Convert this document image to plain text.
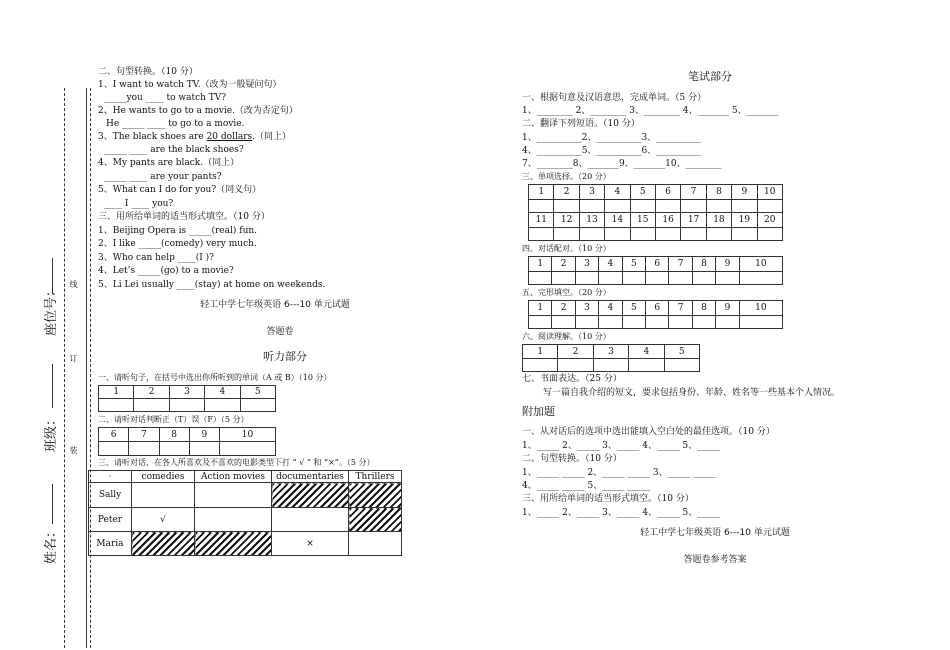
姓名：
班级：
座位号： 线
订
装
二、句型转换。（10 分）
1、I want to watch TV.（改为一般疑问句）
_____you ____ to watch TV?
2、He wants to go to a movie.（改为否定句）
He _____ ____ to go to a movie.
3、The black shoes are 20 dollars.（同上）
_____ ____ are the black shoes?
4、My pants are black.（同上）
_____ ____ are your pants?
5、What can I do for you?（同义句）
____ I ____ you?
三、用所给单词的适当形式填空。（10 分）
1、Beijing Opera is _____(real) fun.
2、I like _____(comedy) very much.
3、Who can help ____(I )?
4、Let’s _____(go) to a movie?
5、Li Lei usually ____(stay) at home on weekends.
轻工中学七年级英语 6---10 单元试题
答题卷
听力部分
一、请听句子，在括号中选出你所听到的单词（A 或 B）（10 分）
1	2	3	4	5

二、请听对话判断正（T）误（F）（5 分）
6	7	8	9	10

三、请听对话，在各人所喜欢及不喜欢的电影类型下打 “ √ ” 和 “×”。（5 分）
·	comedies	Action movies	documentaries	Thrillers
Sally				
Peter	√			
Maria			×	
笔试部分
一、根据句意及汉语意思，完成单词。（5 分）
1、________ 2、________ 3、________ 4、_______ 5、_______
二、翻译下列短语。（10 分）
1、__________2、__________3、__________
4、__________5、__________6、__________
7、________8、_______9、_______10、________
三、单项选择。（20 分）
1	2	3	4	5	6	7	8	9	10

11	12	13	14	15	16	17	18	19	20

四、对话配对。（10 分）
1	2	3	4	5	6	7	8	9	10

五、完形填空。（20 分）
1	2	3	4	5	6	7	8	9	10

六、阅读理解。（10 分）
1	2	3	4	5

七、书面表达。（25 分）
写一篇自我介绍的短文，要求包括身份、年龄、姓名等一些基本个人情况。
附加题
一、从对话后的选项中选出能填入空白处的最佳选项。（10 分）
1、_____ 2、_____ 3、_____ 4、_____ 5、_____
二、句型转换。（10 分）
1、_____ _____ 2、_____ _____ 3、_____ _____
4、_____ _____ 5、_____ _____
三、用所给单词的适当形式填空。（10 分）
1、_____ 2、_____ 3、_____ 4、_____ 5、_____
轻工中学七年级英语 6---10 单元试题
答题卷参考答案
